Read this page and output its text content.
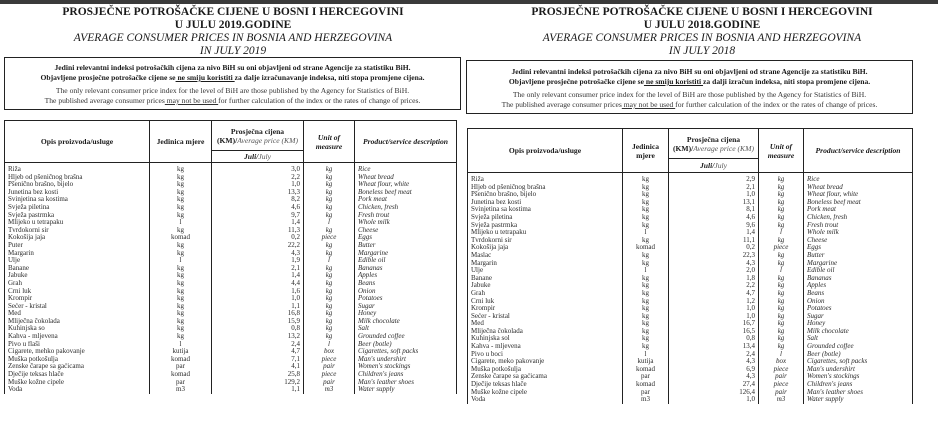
PROSJEČNE POTROŠAČKE CIJENE U BOSNI I HERCEGOVINI
U JULU 2019.GODINE
AVERAGE CONSUMER PRICES IN BOSNIA AND HERZEGOVINA
IN JULY 2019
Jedini relevantni indeksi potrošačkih cijena za nivo BiH su oni objavljeni od strane Agencije za statistiku BiH.
Objavljene prosječne potrošačke cijene se ne smiju koristiti za dalje izračunavanje indeksa, niti stopa promjene cijena.
The only relevant consumer price index for the level of BiH are those published by the Agency for Statistics of BiH.
The published average consumer prices may not be used for further calculation of the index or the rates of change of prices.
Opis proizvoda/usluge	Jedinica mjere	Prosječna cijena (KM)/Average price (KM)	Unit of measure	Product/service description
		Juli/July		
Riža	kg	3,0	kg	Rice
Hljeb od pšeničnog brašna	kg	2,2	kg	Wheat bread
Pšenično brašno, bijelo	kg	1,0	kg	Wheat flour, white
Junetina bez kosti	kg	13,3	kg	Boneless beef meat
Svinjetina sa kostima	kg	8,2	kg	Pork meat
Svježa piletina	kg	4,6	kg	Chicken, fresh
Svježa pastrmka	kg	9,7	kg	Fresh trout
Mlijeko u tetrapaku	l	1,4	l	Whole milk
Tvrdokorni sir	kg	11,3	kg	Cheese
Kokošija jaja	komad	0,2	piece	Eggs
Puter	kg	22,2	kg	Butter
Margarin	kg	4,3	kg	Margarine
Ulje	l	1,9	l	Edible oil
Banane	kg	2,1	kg	Bananas
Jabuke	kg	1,4	kg	Apples
Grah	kg	4,4	kg	Beans
Crni luk	kg	1,6	kg	Onion
Krompir	kg	1,0	kg	Potatoes
Šećer - kristal	kg	1,1	kg	Sugar
Med	kg	16,8	kg	Honey
Mliječna čokolada	kg	15,9	kg	Milk chocolate
Kuhinjska so	kg	0,8	kg	Salt
Kahva - mljevena	kg	13,2	kg	Grounded coffee
Pivo u flaši	l	2,4	l	Beer (botle)
Cigarete, mehko pakovanje	kutija	4,7	box	Cigarettes, soft packs
Muška potkošulja	komad	7,1	piece	Man's undershirt
Ženske čarape sa gaćicama	par	4,1	pair	Women's stockings
Dječije teksas hlače	komad	25,8	piece	Children's jeans
Muške kožne cipele	par	129,2	pair	Man's leather shoes
Voda	m3	1,1	m3	Water supply
PROSJEČNE POTROŠAČKE CIJENE U BOSNI I HERCEGOVINI
U JULU 2018.GODINE
AVERAGE CONSUMER PRICES IN BOSNIA AND HERZEGOVINA
IN JULY 2018
Jedini relevantni indeksi potrošačkih cijena za nivo BiH su oni objavljeni od strane Agencije za statistiku BiH.
Objavljene prosječne potrošačke cijene se ne smiju koristiti za dalji izračun indeksa, niti stopa promjene cijena.
The only relevant consumer price index for the level of BiH are those published by the Agency for Statistics of BiH.
The published average consumer prices may not be used for further calculation of the index or the rates of change of prices.
Opis proizvoda/usluge	Jedinica mjere	Prosječna cijena (KM)/Average price (KM)	Unit of measure	Product/service description
		Juli/July		
Riža	kg	2,9	kg	Rice
Hljeb od pšeničnog brašna	kg	2,1	kg	Wheat bread
Pšenično brašno, bijelo	kg	1,0	kg	Wheat flour, white
Junetina bez kosti	kg	13,1	kg	Boneless beef meat
Svinjetina sa kostima	kg	8,1	kg	Pork meat
Svježa piletina	kg	4,6	kg	Chicken, fresh
Svježa pastrmka	kg	9,6	kg	Fresh trout
Mlijeko u tetrapaku	l	1,4	l	Whole milk
Tvrdokorni sir	kg	11,1	kg	Cheese
Kokošija jaja	komad	0,2	piece	Eggs
Maslac	kg	22,3	kg	Butter
Margarin	kg	4,3	kg	Margarine
Ulje	l	2,0	l	Edible oil
Banane	kg	1,8	kg	Bananas
Jabuke	kg	2,2	kg	Apples
Grah	kg	4,7	kg	Beans
Crni luk	kg	1,2	kg	Onion
Krompir	kg	1,0	kg	Potatoes
Šećer - kristal	kg	1,0	kg	Sugar
Med	kg	16,7	kg	Honey
Mliječna čokolada	kg	16,5	kg	Milk chocolate
Kuhinjska sol	kg	0,8	kg	Salt
Kahva - mljevena	kg	13,4	kg	Grounded coffee
Pivo u boci	l	2,4	l	Beer (botle)
Cigarete, meko pakovanje	kutija	4,3	box	Cigarettes, soft packs
Muška potkošulja	komad	6,9	piece	Man's undershirt
Ženske čarape sa gaćicama	par	4,3	pair	Women's stockings
Dječije teksas hlače	komad	27,4	piece	Children's jeans
Muške kožne cipele	par	126,4	pair	Man's leather shoes
Voda	m3	1,0	m3	Water supply
